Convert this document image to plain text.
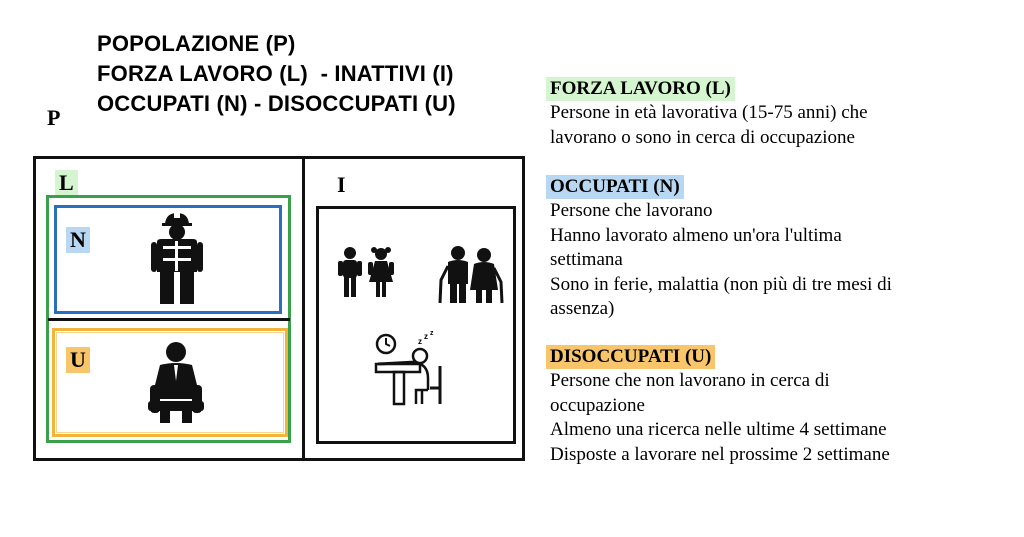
POPOLAZIONE (P)
FORZA LAVORO (L)  - INATTIVI (I)
OCCUPATI (N) - DISOCCUPATI (U)
P
L	I
N
U
z
z z
FORZA LAVORO (L)
Persone in età lavorativa (15-75 anni) che
lavorano o sono in cerca di occupazione
OCCUPATI (N)
Persone che lavorano
Hanno lavorato almeno un'ora l'ultima
settimana
Sono in ferie, malattia (non più di tre mesi di
assenza)
DISOCCUPATI (U)
Persone che non lavorano in cerca di
occupazione
Almeno una ricerca nelle ultime 4 settimane
Disposte a lavorare nel prossime 2 settimane
